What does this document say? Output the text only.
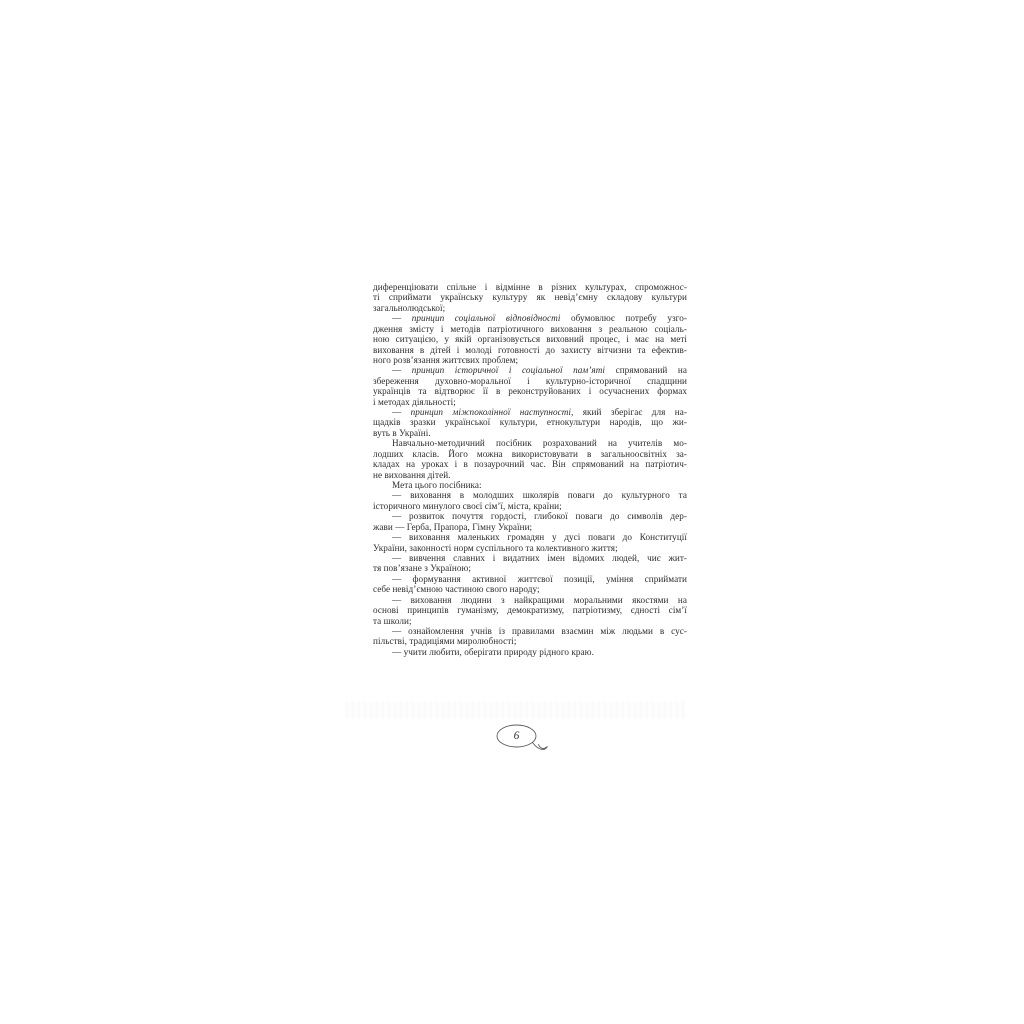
диференціювати спільне і відмінне в різних культурах, спроможнос-
ті сприймати українську культуру як невід’ємну складову культури
загальнолюдської;
— принцип соціальної відповідності обумовлює потребу узго-
дження змісту і методів патріотичного виховання з реальною соціаль-
ною ситуацією, у якій організовується виховний процес, і має на меті
виховання в дітей і молоді готовності до захисту вітчизни та ефектив-
ного розв’язання життєвих проблем;
— принцип історичної і соціальної пам’яті спрямований на
збереження духовно-моральної і культурно-історичної спадщини
українців та відтворює її в реконструйованих і осучаснених формах
і методах діяльності;
— принцип міжпоколінної наступності, який зберігає для на-
щадків зразки української культури, етнокультури народів, що жи-
вуть в Україні.
Навчально-методичний посібник розрахований на учителів мо-
лодших класів. Його можна використовувати в загальноосвітніх за-
кладах на уроках і в позаурочний час. Він спрямований на патріотич-
не виховання дітей.
Мета цього посібника:
— виховання в молодших школярів поваги до культурного та
історичного минулого своєї сім’ї, міста, країни;
— розвиток почуття гордості, глибокої поваги до символів дер-
жави — Герба, Прапора, Гімну України;
— виховання маленьких громадян у дусі поваги до Конституції
України, законності норм суспільного та колективного життя;
— вивчення славних і видатних імен відомих людей, чиє жит-
тя пов’язане з Україною;
— формування активної життєвої позиції, уміння сприймати
себе невід’ємною частиною свого народу;
— виховання людини з найкращими моральними якостями на
основі принципів гуманізму, демократизму, патріотизму, єдності сім’ї
та школи;
— ознайомлення учнів із правилами взаємин між людьми в сус-
пільстві, традиціями миролюбності;
— учити любити, оберігати природу рідного краю.
6
